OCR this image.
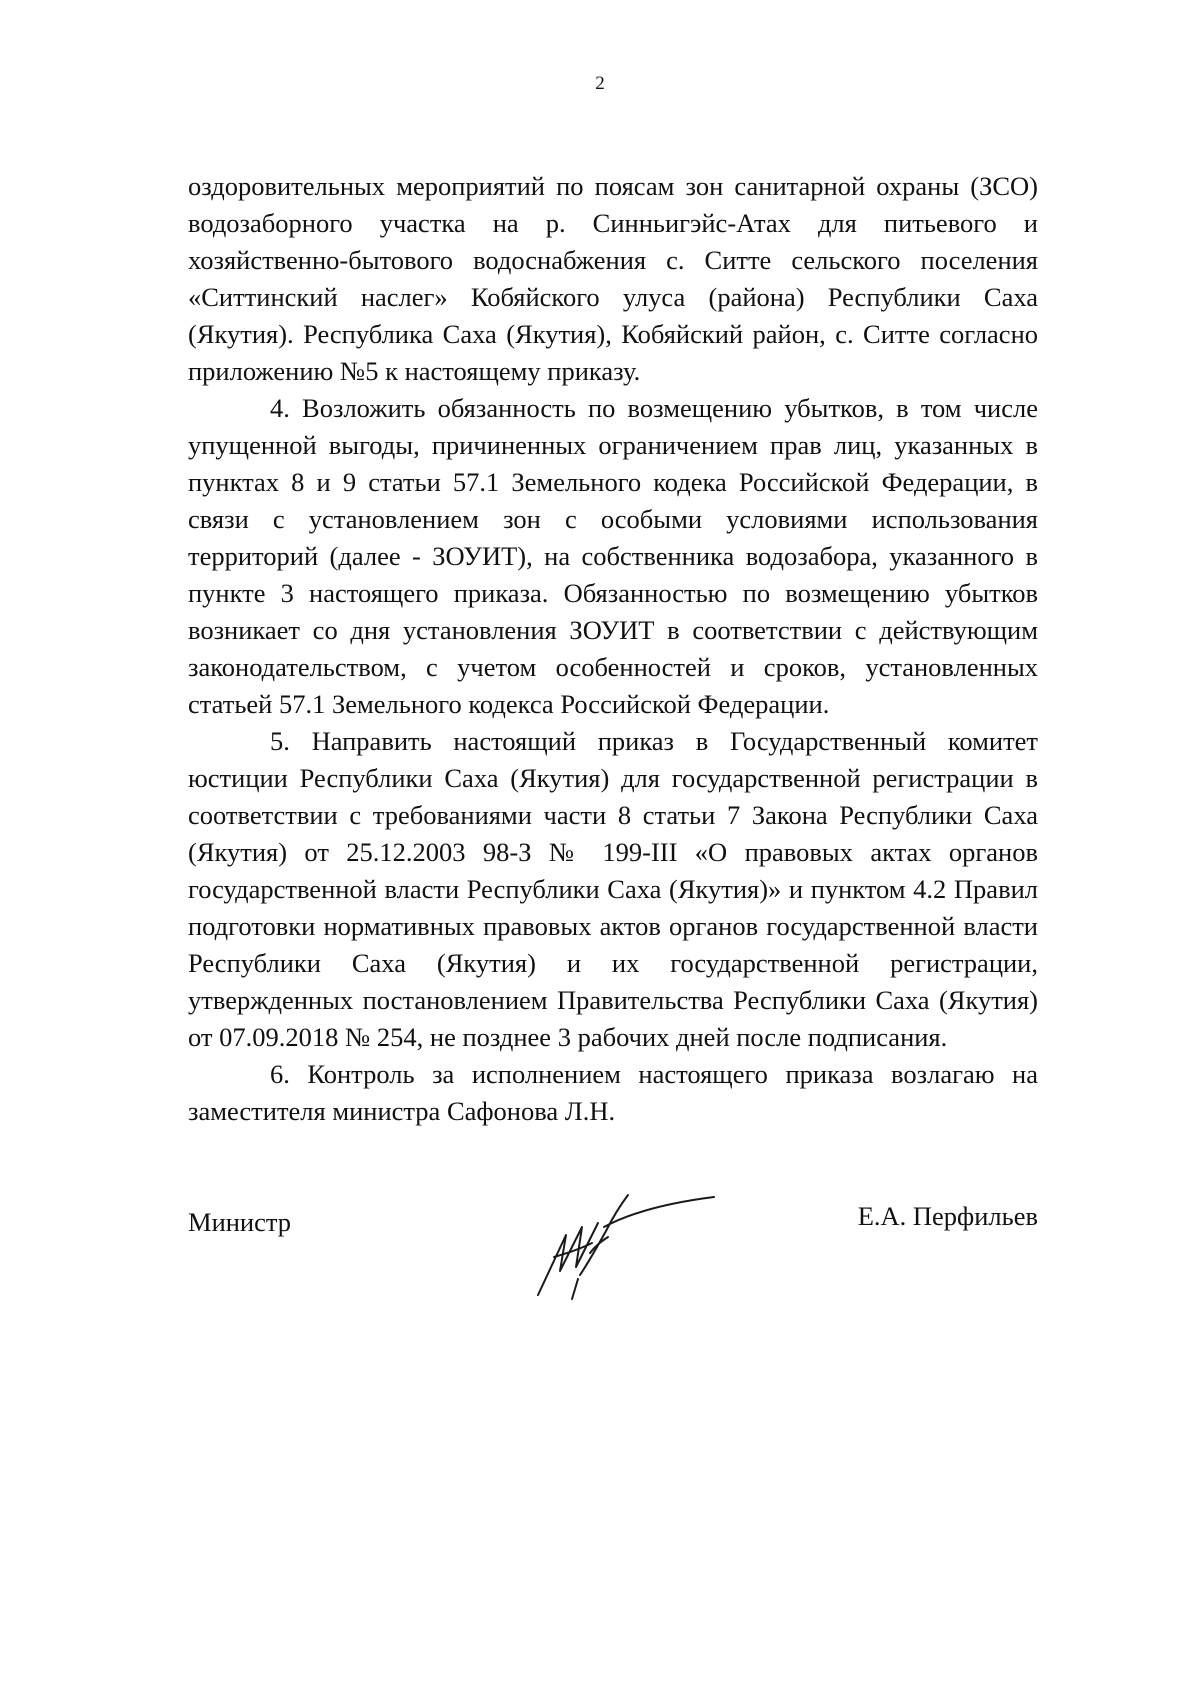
2

оздоровительных мероприятий по поясам зон санитарной охраны (ЗСО) водозаборного участка на р. Синньигэйс-Атах для питьевого и хозяйственно-бытового водоснабжения с. Ситте сельского поселения «Ситтинский наслег» Кобяйского улуса (района) Республики Саха (Якутия). Республика Саха (Якутия), Кобяйский район, с. Ситте согласно приложению №5 к настоящему приказу.

4. Возложить обязанность по возмещению убытков, в том числе упущенной выгоды, причиненных ограничением прав лиц, указанных в пунктах 8 и 9 статьи 57.1 Земельного кодека Российской Федерации, в связи с установлением зон с особыми условиями использования территорий (далее - ЗОУИТ), на собственника водозабора, указанного в пункте 3 настоящего приказа. Обязанностью по возмещению убытков возникает со дня установления ЗОУИТ в соответствии с действующим законодательством, с учетом особенностей и сроков, установленных статьей 57.1 Земельного кодекса Российской Федерации.

5. Направить настоящий приказ в Государственный комитет юстиции Республики Саха (Якутия) для государственной регистрации в соответствии с требованиями части 8 статьи 7 Закона Республики Саха (Якутия) от 25.12.2003 98-З № 199-III «О правовых актах органов государственной власти Республики Саха (Якутия)» и пунктом 4.2 Правил подготовки нормативных правовых актов органов государственной власти Республики Саха (Якутия) и их государственной регистрации, утвержденных постановлением Правительства Республики Саха (Якутия) от 07.09.2018 № 254, не позднее 3 рабочих дней после подписания.

6. Контроль за исполнением настоящего приказа возлагаю на заместителя министра Сафонова Л.Н.

Министр	Е.А. Перфильев
